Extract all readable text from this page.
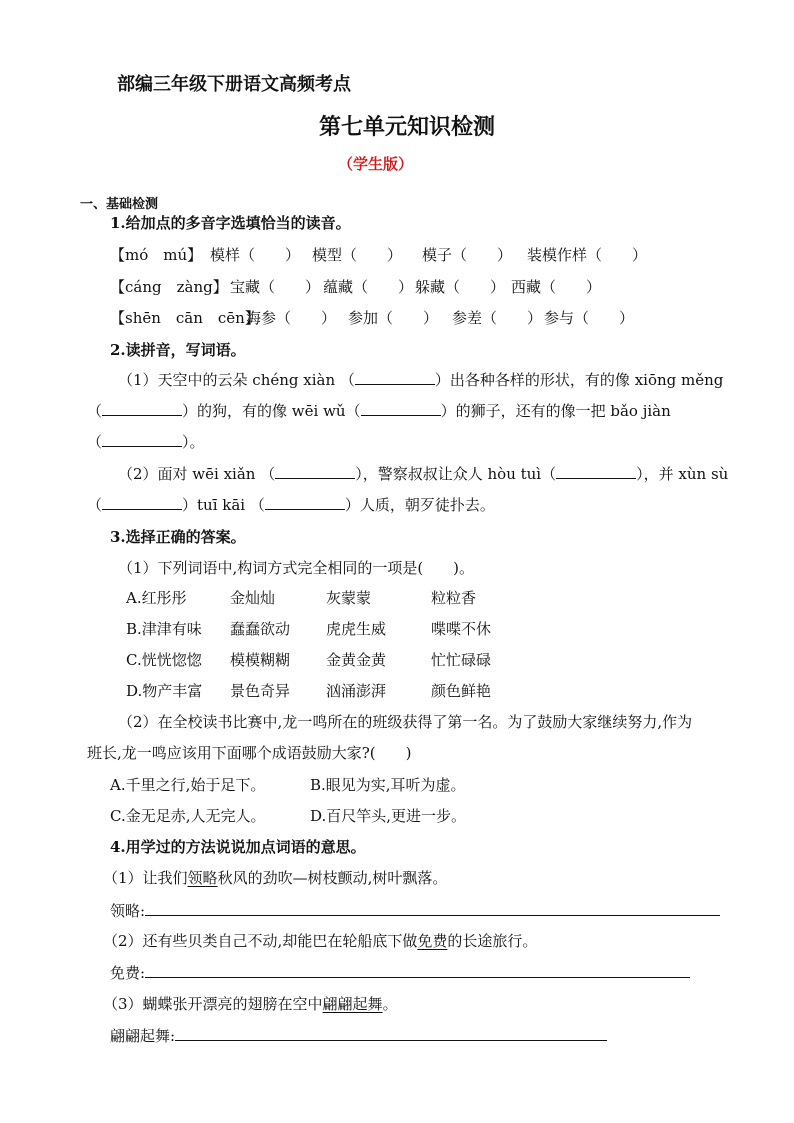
部编三年级下册语文高频考点
第七单元知识检测
（学生版）
一、基础检测
1.给加点的多音字选填恰当的读音。
【mó　mú】 模样（　　） 模型（　　） 模子（　　） 装模作样（　　）
【cáng　zàng】 宝藏（　　） 蕴藏（　　） 躲藏（　　） 西藏（　　）
【shēn　cān　cēn】海参（　　） 参加（　　） 参差（　　） 参与（　　）
2.读拼音，写词语。
（1）天空中的云朵 chéng xiàn （	）出各种各样的形状，有的像 xiōng měng
（	）的狗，有的像 wēi wǔ（	）的狮子，还有的像一把 bǎo jiàn
（	）。
（2）面对 wēi xiǎn （	），警察叔叔让众人 hòu tuì（	），并 xùn sù
（	）tuī kāi （	）人质，朝歹徒扑去。
3.选择正确的答案。
（1）下列词语中,构词方式完全相同的一项是(　　)。
A.红彤彤	金灿灿	灰蒙蒙	粒粒香
B.津津有味 蠢蠢欲动 虎虎生威	喋喋不休
C.恍恍惚惚 模模糊糊 金黄金黄	忙忙碌碌
D.物产丰富 景色奇异 汹涌澎湃	颜色鲜艳
（2）在全校读书比赛中,龙一鸣所在的班级获得了第一名。为了鼓励大家继续努力,作为
班长,龙一鸣应该用下面哪个成语鼓励大家?(　　)
A.千里之行,始于足下。	B.眼见为实,耳听为虚。
C.金无足赤,人无完人。	D.百尺竿头,更进一步。
4.用学过的方法说说加点词语的意思。
（1）让我们领略秋风的劲吹—树枝颤动,树叶飘落。
领略:
（2）还有些贝类自己不动,却能巴在轮船底下做免费的长途旅行。
免费:
（3）蝴蝶张开漂亮的翅膀在空中翩翩起舞。
翩翩起舞:
